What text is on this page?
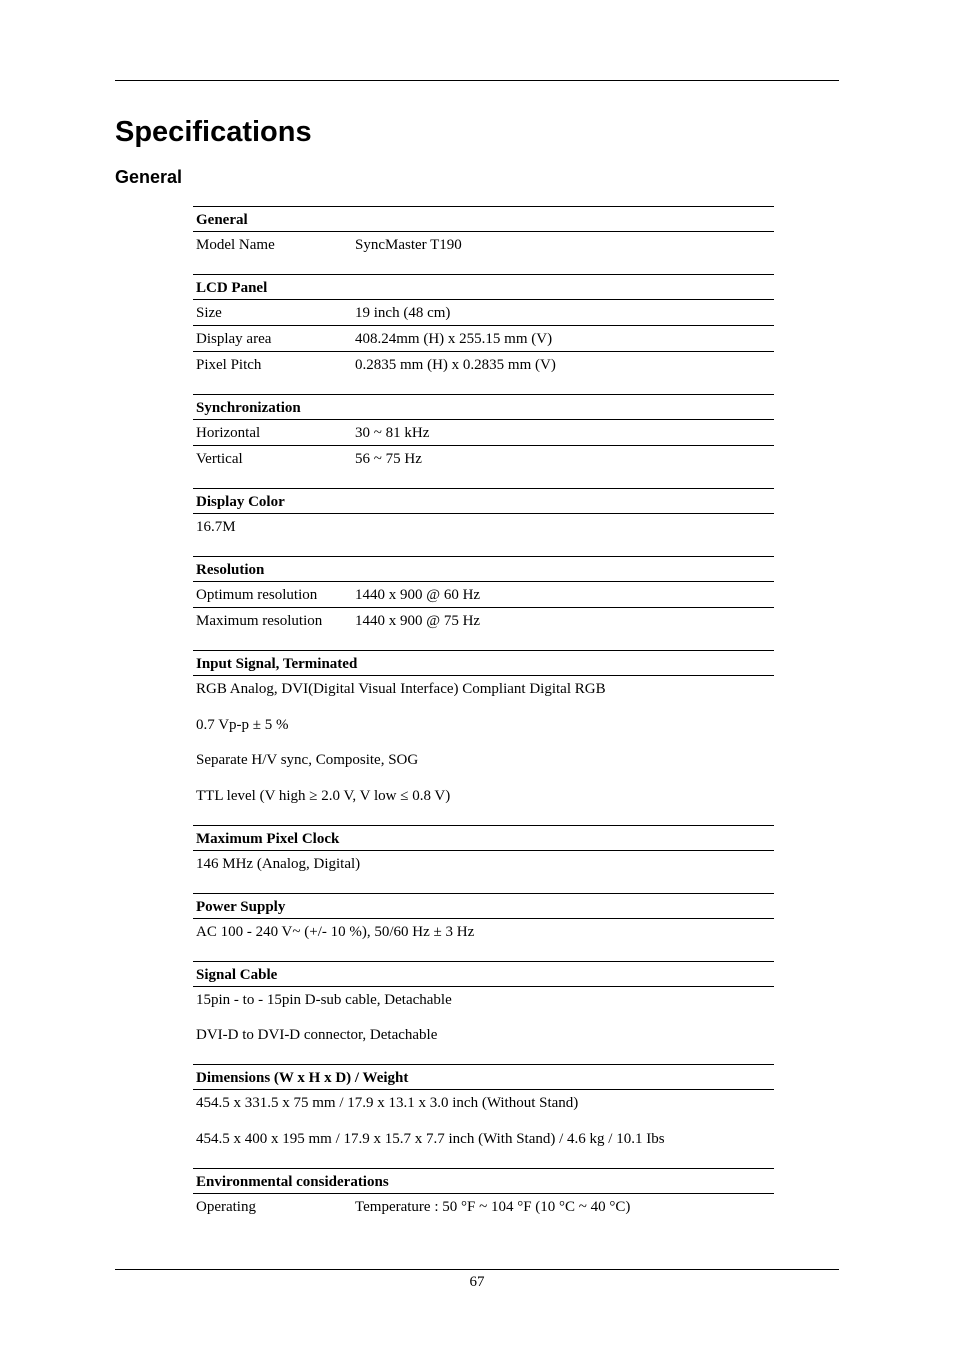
Specifications
General
General
Model Name	SyncMaster T190
LCD Panel
Size	19 inch (48 cm)
Display area	408.24mm (H) x 255.15 mm (V)
Pixel Pitch	0.2835 mm (H) x 0.2835 mm (V)
Synchronization
Horizontal	30 ~ 81 kHz
Vertical	56 ~ 75 Hz
Display Color
16.7M
Resolution
Optimum resolution	1440 x 900 @ 60 Hz
Maximum resolution	1440 x 900 @ 75 Hz
Input Signal, Terminated
RGB Analog, DVI(Digital Visual Interface) Compliant Digital RGB
0.7 Vp-p ± 5 %
Separate H/V sync, Composite, SOG
TTL level (V high ≥ 2.0 V, V low ≤ 0.8 V)
Maximum Pixel Clock
146 MHz (Analog, Digital)
Power Supply
AC 100 - 240 V~ (+/- 10 %), 50/60 Hz ± 3 Hz
Signal Cable
15pin - to - 15pin D-sub cable, Detachable
DVI-D to DVI-D connector, Detachable
Dimensions (W x H x D) / Weight
454.5 x 331.5 x 75 mm / 17.9 x 13.1 x 3.0 inch (Without Stand)
454.5 x 400 x 195 mm / 17.9 x 15.7 x 7.7 inch (With Stand) / 4.6 kg / 10.1 Ibs
Environmental considerations
Operating	Temperature : 50 °F ~ 104 °F (10 °C ~ 40 °C)
67
